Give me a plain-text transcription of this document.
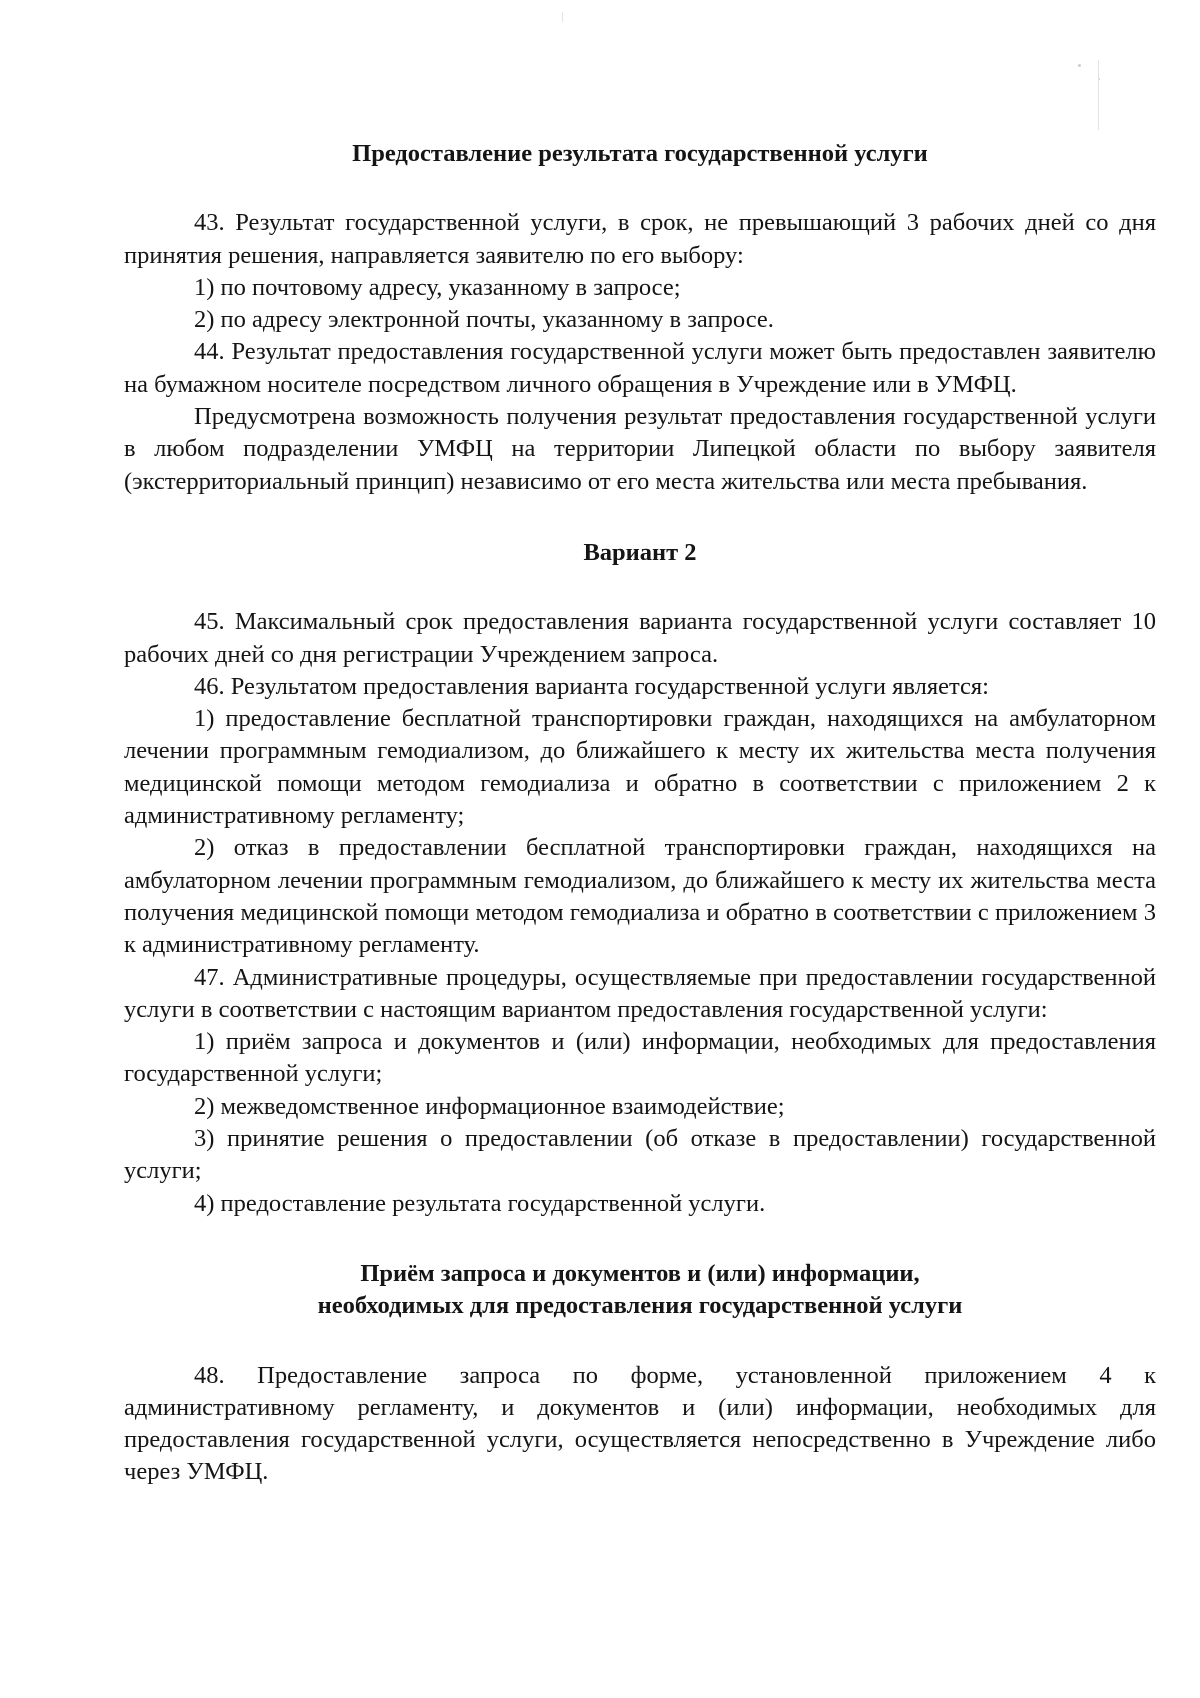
Предоставление результата государственной услуги

43. Результат государственной услуги, в срок, не превышающий 3 рабочих дней со дня принятия решения, направляется заявителю по его выбору:

1) по почтовому адресу, указанному в запросе;

2) по адресу электронной почты, указанному в запросе.

44. Результат предоставления государственной услуги может быть предоставлен заявителю на бумажном носителе посредством личного обращения в Учреждение или в УМФЦ.

Предусмотрена возможность получения результат предоставления государственной услуги в любом подразделении УМФЦ на территории Липецкой области по выбору заявителя (экстерриториальный принцип) независимо от его места жительства или места пребывания.

Вариант 2

45. Максимальный срок предоставления варианта государственной услуги составляет 10 рабочих дней со дня регистрации Учреждением запроса.

46. Результатом предоставления варианта государственной услуги является:

1) предоставление бесплатной транспортировки граждан, находящихся на амбулаторном лечении программным гемодиализом, до ближайшего к месту их жительства места получения медицинской помощи методом гемодиализа и обратно в соответствии с приложением 2 к административному регламенту;

2) отказ в предоставлении бесплатной транспортировки граждан, находящихся на амбулаторном лечении программным гемодиализом, до ближайшего к месту их жительства места получения медицинской помощи методом гемодиализа и обратно в соответствии с приложением 3 к административному регламенту.

47. Административные процедуры, осуществляемые при предоставлении государственной услуги в соответствии с настоящим вариантом предоставления государственной услуги:

1) приём запроса и документов и (или) информации, необходимых для предоставления государственной услуги;

2) межведомственное информационное взаимодействие;

3) принятие решения о предоставлении (об отказе в предоставлении) государственной услуги;

4) предоставление результата государственной услуги.

Приём запроса и документов и (или) информации,

необходимых для предоставления государственной услуги

48. Предоставление запроса по форме, установленной приложением 4 к административному регламенту, и документов и (или) информации, необходимых для предоставления государственной услуги, осуществляется непосредственно в Учреждение либо через УМФЦ.
